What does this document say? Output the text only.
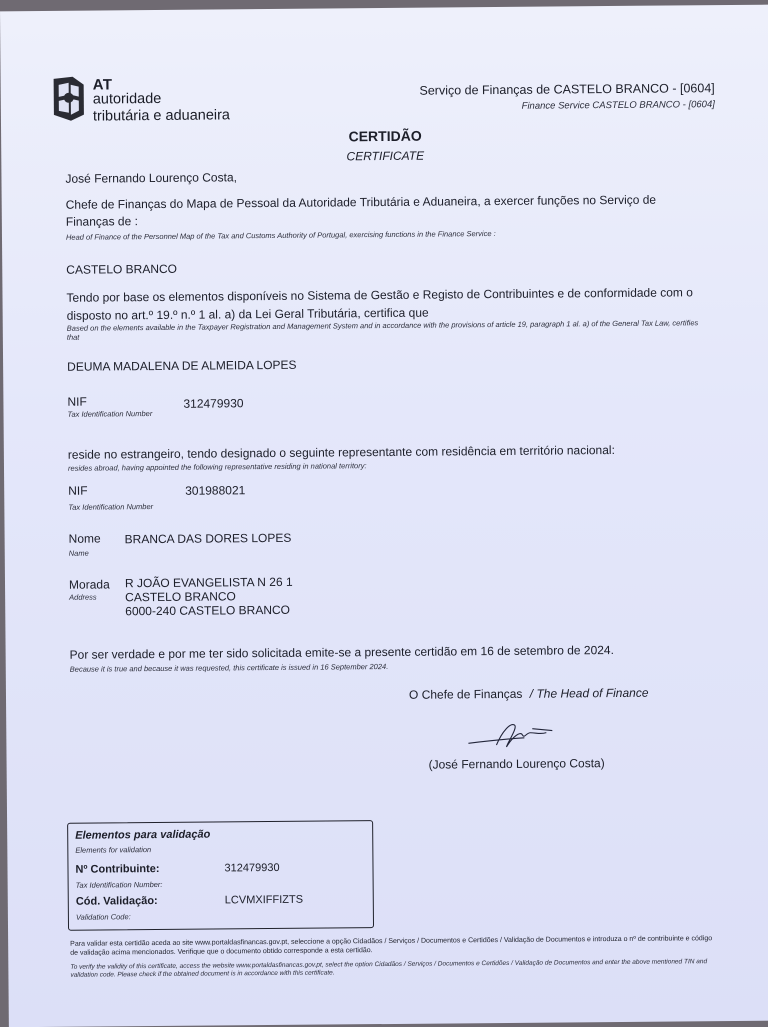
AT
autoridade
tributária e aduaneira
Serviço de Finanças de CASTELO BRANCO - [0604]
Finance Service CASTELO BRANCO - [0604]
CERTIDÃO
CERTIFICATE
José Fernando Lourenço Costa,
Chefe de Finanças do Mapa de Pessoal da Autoridade Tributária e Aduaneira, a exercer funções no Serviço de Finanças de :
Head of Finance of the Personnel Map of the Tax and Customs Authority of Portugal, exercising functions in the Finance Service :
CASTELO BRANCO
Tendo por base os elementos disponíveis no Sistema de Gestão e Registo de Contribuintes e de conformidade com o disposto no art.º 19.º n.º 1 al. a) da Lei Geral Tributária, certifica que
Based on the elements available in the Taxpayer Registration and Management System and in accordance with the provisions of article 19, paragraph 1 al. a) of the General Tax Law, certifies that
DEUMA MADALENA DE ALMEIDA LOPES
NIF
Tax Identification Number
312479930
reside no estrangeiro, tendo designado o seguinte representante com residência em território nacional:
resides abroad, having appointed the following representative residing in national territory:
NIF
Tax Identification Number
301988021
Nome
Name
BRANCA DAS DORES LOPES
Morada
Address
R JOÃO EVANGELISTA N 26 1
CASTELO BRANCO
6000-240 CASTELO BRANCO
Por ser verdade e por me ter sido solicitada emite-se a presente certidão em 16 de setembro de 2024.
Because it is true and because it was requested, this certificate is issued in 16 September 2024.
O Chefe de Finanças / The Head of Finance
(José Fernando Lourenço Costa)
Elementos para validação
Elements for validation
Nº Contribuinte:
Tax Identification Number:
312479930
Cód. Validação:
Validation Code:
LCVMXIFFIZTS
Para validar esta certidão aceda ao site www.portaldasfinancas.gov.pt, seleccione a opção Cidadãos / Serviços / Documentos e Certidões / Validação de Documentos e introduza o nº de contribuinte e código de validação acima mencionados. Verifique que o documento obtido corresponde a esta certidão.
To verify the validity of this certificate, access the website www.portaldasfinancas.gov.pt, select the option Cidadãos / Serviços / Documentos e Certidões / Validação de Documentos and enter the above mentioned TIN and validation code. Please check if the obtained document is in accordance with this certificate.
